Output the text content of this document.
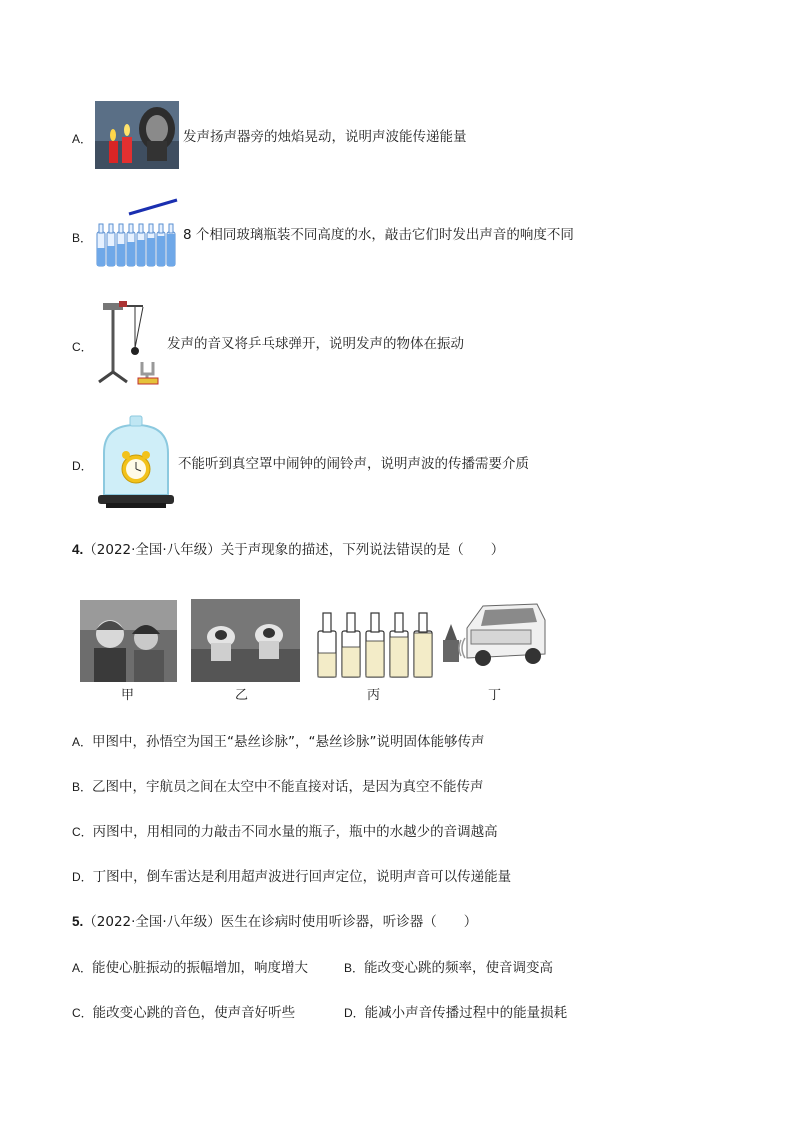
A．	发声扬声器旁的烛焰晃动，说明声波能传递能量
B．	8 个相同玻璃瓶装不同高度的水，敲击它们时发出声音的响度不同
C．	发声的音叉将乒乓球弹开，说明发声的物体在振动
D．	不能听到真空罩中闹钟的闹铃声，说明声波的传播需要介质
4.（2022·全国·八年级）关于声现象的描述，下列说法错误的是（　　）
甲	乙	丙	丁
A．甲图中，孙悟空为国王“悬丝诊脉”，“悬丝诊脉”说明固体能够传声
B．乙图中，宇航员之间在太空中不能直接对话，是因为真空不能传声
C．丙图中，用相同的力敲击不同水量的瓶子，瓶中的水越少的音调越高
D．丁图中，倒车雷达是利用超声波进行回声定位，说明声音可以传递能量
5.（2022·全国·八年级）医生在诊病时使用听诊器，听诊器（　　）
A．能使心脏振动的振幅增加，响度增大	B．能改变心跳的频率，使音调变高
C．能改变心跳的音色，使声音好听些	D．能减小声音传播过程中的能量损耗
